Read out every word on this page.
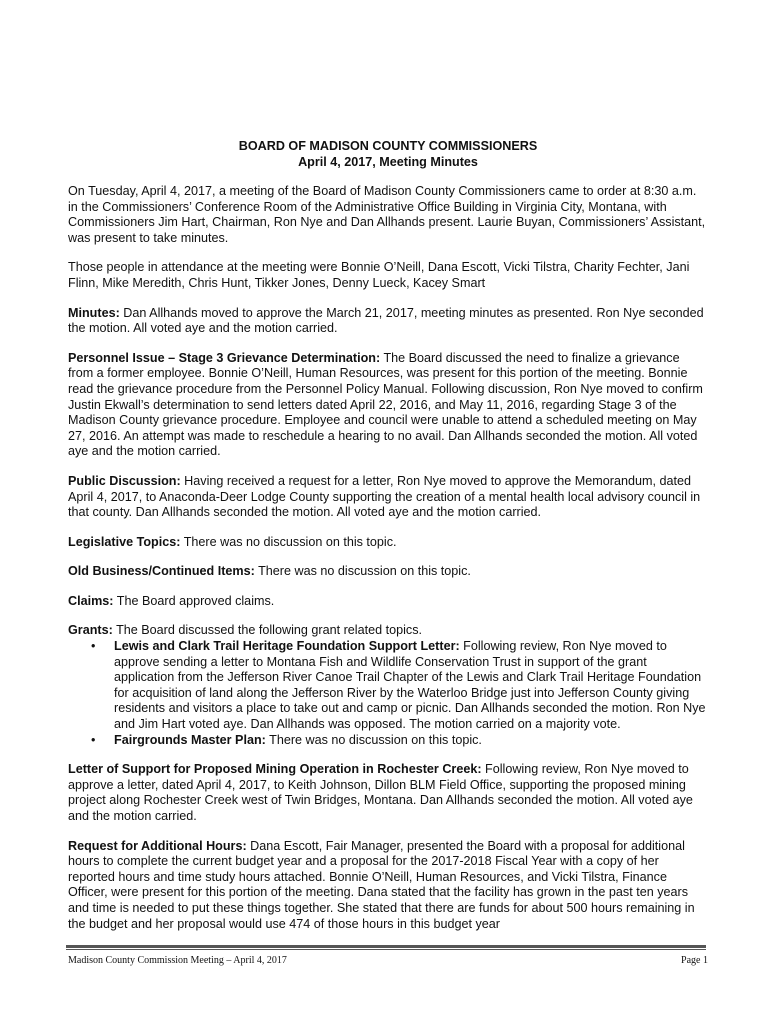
BOARD OF MADISON COUNTY COMMISSIONERS
April 4, 2017, Meeting Minutes

On Tuesday, April 4, 2017, a meeting of the Board of Madison County Commissioners came to order at 8:30 a.m. in the Commissioners’ Conference Room of the Administrative Office Building in Virginia City, Montana, with Commissioners Jim Hart, Chairman, Ron Nye and Dan Allhands present. Laurie Buyan, Commissioners’ Assistant, was present to take minutes.

Those people in attendance at the meeting were Bonnie O’Neill, Dana Escott, Vicki Tilstra, Charity Fechter, Jani Flinn, Mike Meredith, Chris Hunt, Tikker Jones, Denny Lueck, Kacey Smart

Minutes: Dan Allhands moved to approve the March 21, 2017, meeting minutes as presented. Ron Nye seconded the motion. All voted aye and the motion carried.

Personnel Issue – Stage 3 Grievance Determination: The Board discussed the need to finalize a grievance from a former employee. Bonnie O’Neill, Human Resources, was present for this portion of the meeting. Bonnie read the grievance procedure from the Personnel Policy Manual. Following discussion, Ron Nye moved to confirm Justin Ekwall’s determination to send letters dated April 22, 2016, and May 11, 2016, regarding Stage 3 of the Madison County grievance procedure. Employee and council were unable to attend a scheduled meeting on May 27, 2016. An attempt was made to reschedule a hearing to no avail. Dan Allhands seconded the motion. All voted aye and the motion carried.

Public Discussion: Having received a request for a letter, Ron Nye moved to approve the Memorandum, dated April 4, 2017, to Anaconda-Deer Lodge County supporting the creation of a mental health local advisory council in that county. Dan Allhands seconded the motion. All voted aye and the motion carried.

Legislative Topics: There was no discussion on this topic.

Old Business/Continued Items: There was no discussion on this topic.

Claims: The Board approved claims.

Grants: The Board discussed the following grant related topics.

• Lewis and Clark Trail Heritage Foundation Support Letter: Following review, Ron Nye moved to approve sending a letter to Montana Fish and Wildlife Conservation Trust in support of the grant application from the Jefferson River Canoe Trail Chapter of the Lewis and Clark Trail Heritage Foundation for acquisition of land along the Jefferson River by the Waterloo Bridge just into Jefferson County giving residents and visitors a place to take out and camp or picnic. Dan Allhands seconded the motion. Ron Nye and Jim Hart voted aye. Dan Allhands was opposed. The motion carried on a majority vote.
• Fairgrounds Master Plan: There was no discussion on this topic.

Letter of Support for Proposed Mining Operation in Rochester Creek: Following review, Ron Nye moved to approve a letter, dated April 4, 2017, to Keith Johnson, Dillon BLM Field Office, supporting the proposed mining project along Rochester Creek west of Twin Bridges, Montana. Dan Allhands seconded the motion. All voted aye and the motion carried.

Request for Additional Hours: Dana Escott, Fair Manager, presented the Board with a proposal for additional hours to complete the current budget year and a proposal for the 2017-2018 Fiscal Year with a copy of her reported hours and time study hours attached. Bonnie O’Neill, Human Resources, and Vicki Tilstra, Finance Officer, were present for this portion of the meeting. Dana stated that the facility has grown in the past ten years and time is needed to put these things together. She stated that there are funds for about 500 hours remaining in the budget and her proposal would use 474 of those hours in this budget year

Madison County Commission Meeting – April 4, 2017	Page 1
